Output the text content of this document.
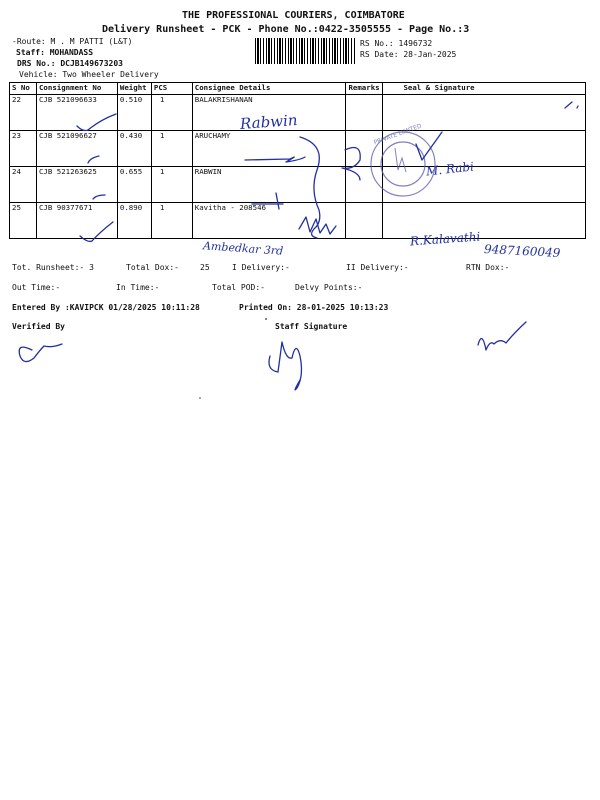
THE PROFESSIONAL COURIERS, COIMBATORE
Delivery Runsheet - PCK - Phone No.:0422-3505555 - Page No.:3
-Route: M . M PATTI (L&T)
Staff: MOHANDASS
DRS No.: DCJB149673203
Vehicle: Two Wheeler Delivery
RS No.: 1496732
RS Date: 28-Jan-2025
S No	Consignment No	Weight	PCS	Consignee Details	Remarks	Seal & Signature
22	CJB 521096633	0.510	1	BALAKRISHANAN		
23	CJB 521096627	0.430	1	ARUCHAMY		
24	CJB 521263625	0.655	1	RABWIN		
25	CJB 90377671	0.890	1	Kavitha - 208546		
Tot. Runsheet:- 3	Total Dox:-	25	I Delivery:-	II Delivery:-	RTN Dox:-
Out Time:-	In Time:-	Total POD:-	Delvy Points:-
Entered By :KAVIPCK 01/28/2025 10:11:28	Printed On: 28-01-2025 10:13:23
Verified By	Staff Signature
Rabwin
M. Rabi
Ambedkar 3rd
R.Kalavathi
9487160049
PRIVATE LIMITED
